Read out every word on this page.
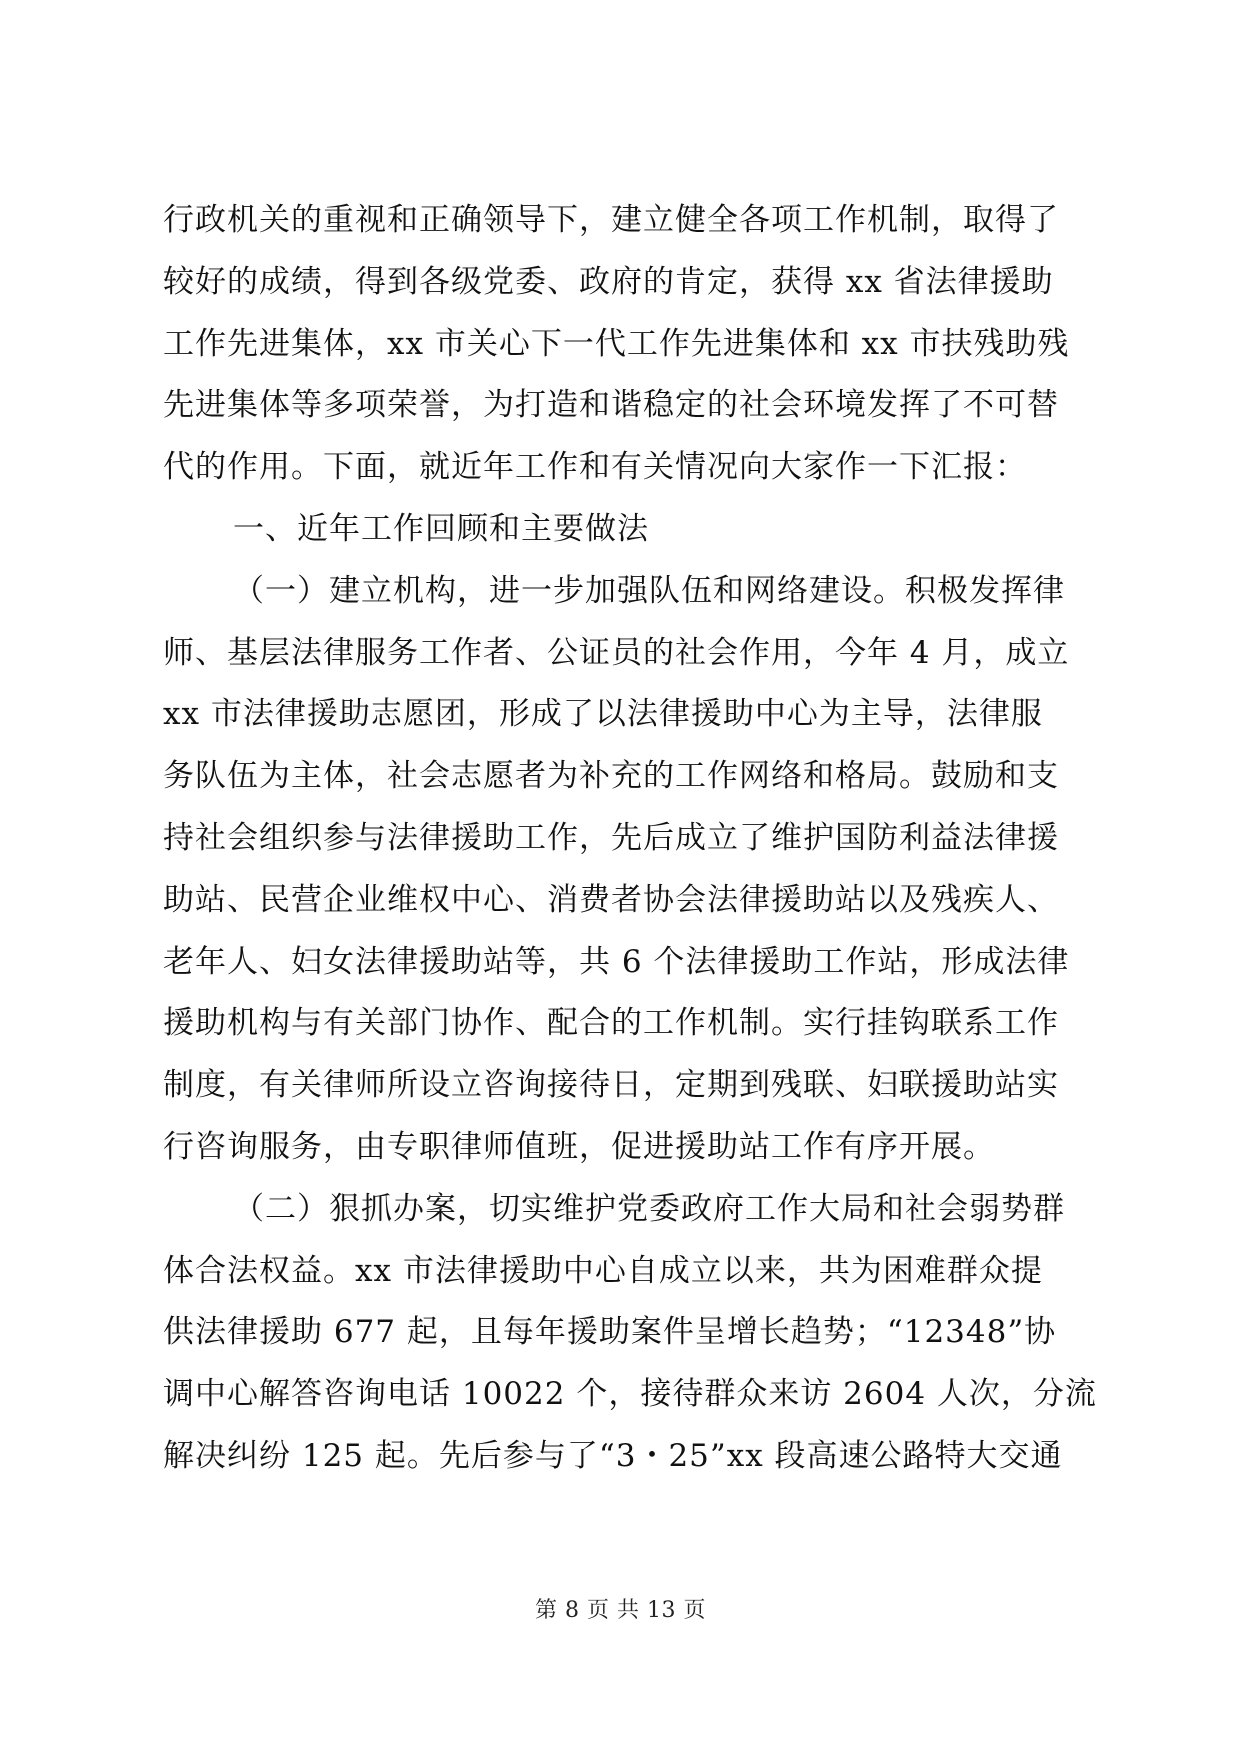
行政机关的重视和正确领导下，建立健全各项工作机制，取得了
较好的成绩，得到各级党委、政府的肯定，获得 xx 省法律援助
工作先进集体，xx 市关心下一代工作先进集体和 xx 市扶残助残
先进集体等多项荣誉，为打造和谐稳定的社会环境发挥了不可替
代的作用。下面，就近年工作和有关情况向大家作一下汇报：
一、近年工作回顾和主要做法
（一）建立机构，进一步加强队伍和网络建设。积极发挥律
师、基层法律服务工作者、公证员的社会作用，今年 4 月，成立
xx 市法律援助志愿团，形成了以法律援助中心为主导，法律服
务队伍为主体，社会志愿者为补充的工作网络和格局。鼓励和支
持社会组织参与法律援助工作，先后成立了维护国防利益法律援
助站、民营企业维权中心、消费者协会法律援助站以及残疾人、
老年人、妇女法律援助站等，共 6 个法律援助工作站，形成法律
援助机构与有关部门协作、配合的工作机制。实行挂钩联系工作
制度，有关律师所设立咨询接待日，定期到残联、妇联援助站实
行咨询服务，由专职律师值班，促进援助站工作有序开展。
（二）狠抓办案，切实维护党委政府工作大局和社会弱势群
体合法权益。xx 市法律援助中心自成立以来，共为困难群众提
供法律援助 677 起，且每年援助案件呈增长趋势；“12348”协
调中心解答咨询电话 10022 个，接待群众来访 2604 人次，分流
解决纠纷 125 起。先后参与了“3・25”xx 段高速公路特大交通
第 8 页 共 13 页
